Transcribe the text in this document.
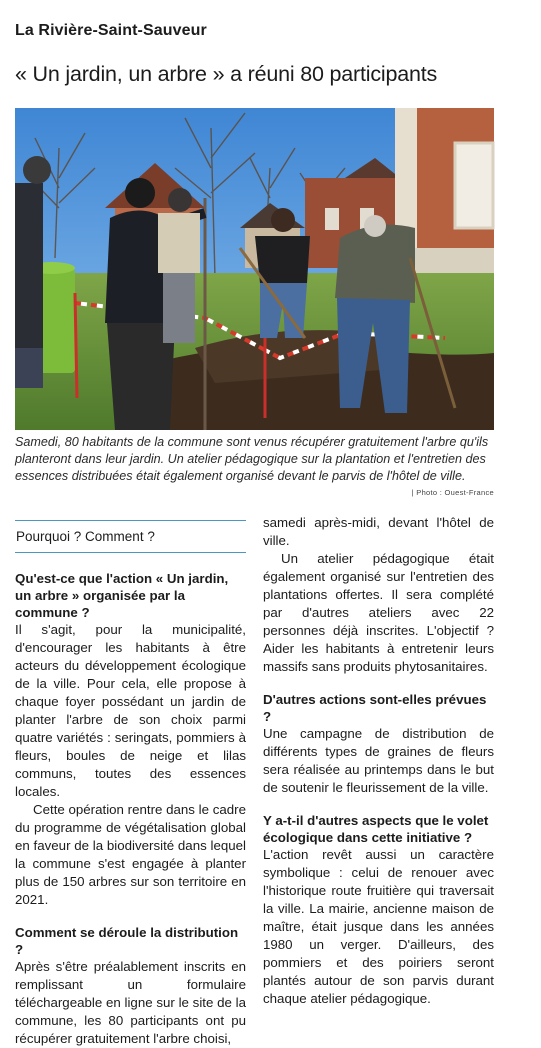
La Rivière-Saint-Sauveur
« Un jardin, un arbre » a réuni 80 participants

Samedi, 80 habitants de la commune sont venus récupérer gratuitement l'arbre qu'ils planteront dans leur jardin. Un atelier pédagogique sur la plantation et l'entretien des essences distribuées était également organisé devant le parvis de l'hôtel de ville.

| Photo : Ouest-France
Pourquoi ? Comment ?

Qu'est-ce que l'action « Un jardin, un arbre » organisée par la commune ?

Il s'agit, pour la municipalité, d'encourager les habitants à être acteurs du développement écologique de la ville. Pour cela, elle propose à chaque foyer possédant un jardin de planter l'arbre de son choix parmi quatre variétés : seringats, pommiers à fleurs, boules de neige et lilas communs, toutes des essences locales.

Cette opération rentre dans le cadre du programme de végétalisation global en faveur de la biodiversité dans lequel la commune s'est engagée à planter plus de 150 arbres sur son territoire en 2021.

Comment se déroule la distribution ?

Après s'être préalablement inscrits en remplissant un formulaire téléchargeable en ligne sur le site de la commune, les 80 participants ont pu récupérer gratuitement l'arbre choisi,

samedi après-midi, devant l'hôtel de ville.

Un atelier pédagogique était également organisé sur l'entretien des plantations offertes. Il sera complété par d'autres ateliers avec 22 personnes déjà inscrites. L'objectif ? Aider les habitants à entretenir leurs massifs sans produits phytosanitaires.

D'autres actions sont-elles prévues ?

Une campagne de distribution de différents types de graines de fleurs sera réalisée au printemps dans le but de soutenir le fleurissement de la ville.

Y a-t-il d'autres aspects que le volet écologique dans cette initiative ?

L'action revêt aussi un caractère symbolique : celui de renouer avec l'historique route fruitière qui traversait la ville. La mairie, ancienne maison de maître, était jusque dans les années 1980 un verger. D'ailleurs, des pommiers et des poiriers seront plantés autour de son parvis durant chaque atelier pédagogique.
